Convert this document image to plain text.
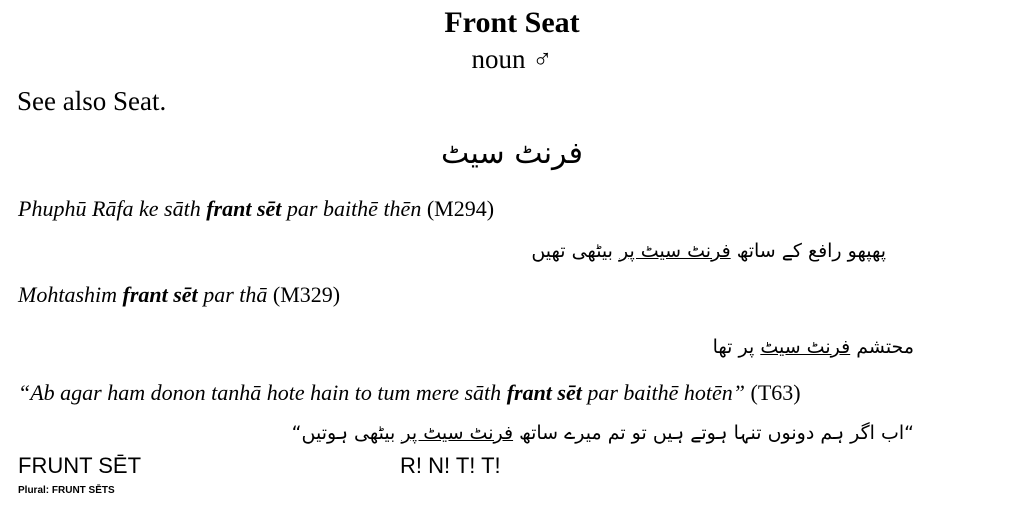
Front Seat
noun ♂
See also Seat.
فرنٹ سیٹ
Phuphū Rāfa ke sāth frant sēt par baithē thēn (M294)
پھپھو رافع کے ساتھ فرنٹ سیٹ پر بیٹھی تھیں
Mohtashim frant sēt par thā (M329)
محتشم فرنٹ سیٹ پر تھا
“Ab agar ham donon tanhā hote hain to tum mere sāth frant sēt par baithē hotēn” (T63)
“اب اگر ہم دونوں تنہا ہوتے ہیں تو تم میرے ساتھ فرنٹ سیٹ پر بیٹھی ہوتیں“
FRUNT SĒT
Plural: FRUNT SĒTS
R! N! T! T!
